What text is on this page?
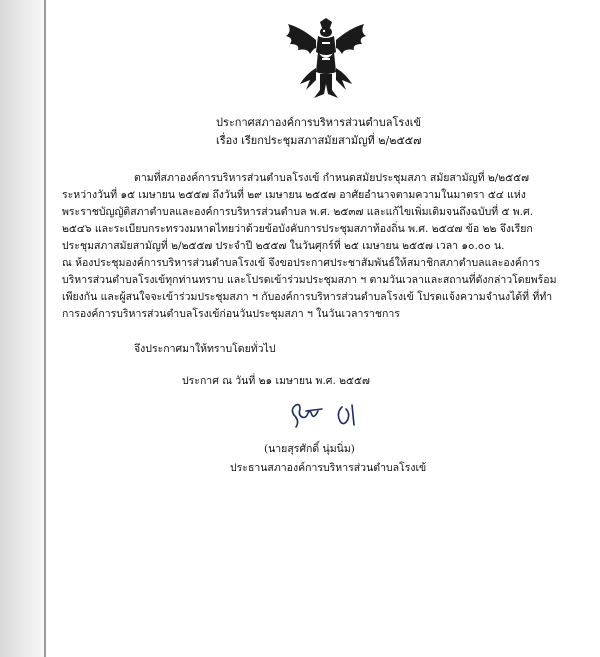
ประกาศสภาองค์การบริหารส่วนตำบลโรงเข้
เรื่อง เรียกประชุมสภาสมัยสามัญที่ ๒/๒๕๕๗
ตามที่สภาองค์การบริหารส่วนตำบลโรงเข้ กำหนดสมัยประชุมสภา สมัยสามัญที่ ๒/๒๕๕๗
ระหว่างวันที่ ๑๕ เมษายน ๒๕๕๗ ถึงวันที่ ๒๙ เมษายน ๒๕๕๗ อาศัยอำนาจตามความในมาตรา ๕๔ แห่ง
พระราชบัญญัติสภาตำบลและองค์การบริหารส่วนตำบล พ.ศ. ๒๕๓๗ และแก้ไขเพิ่มเติมจนถึงฉบับที่ ๕ พ.ศ.
๒๕๔๖ และระเบียบกระทรวงมหาดไทยว่าด้วยข้อบังคับการประชุมสภาท้องถิ่น พ.ศ. ๒๕๔๗ ข้อ ๒๒ จึงเรียก
ประชุมสภาสมัยสามัญที่ ๒/๒๕๕๗ ประจำปี ๒๕๕๗ ในวันศุกร์ที่ ๒๕ เมษายน ๒๕๕๗ เวลา ๑๐.๐๐ น.
ณ ห้องประชุมองค์การบริหารส่วนตำบลโรงเข้ จึงขอประกาศประชาสัมพันธ์ให้สมาชิกสภาตำบลและองค์การ
บริหารส่วนตำบลโรงเข้ทุกท่านทราบ และโปรดเข้าร่วมประชุมสภา ฯ ตามวันเวลาและสถานที่ดังกล่าวโดยพร้อม
เพียงกัน และผู้สนใจจะเข้าร่วมประชุมสภา ฯ กับองค์การบริหารส่วนตำบลโรงเข้ โปรดแจ้งความจำนงได้ที่ ที่ทำ
การองค์การบริหารส่วนตำบลโรงเข้ก่อนวันประชุมสภา ฯ ในวันเวลาราชการ
จึงประกาศมาให้ทราบโดยทั่วไป
ประกาศ ณ วันที่ ๒๑ เมษายน พ.ศ. ๒๕๕๗
(นายสุรศักดิ์ นุ่มนิ่ม)
ประธานสภาองค์การบริหารส่วนตำบลโรงเข้
